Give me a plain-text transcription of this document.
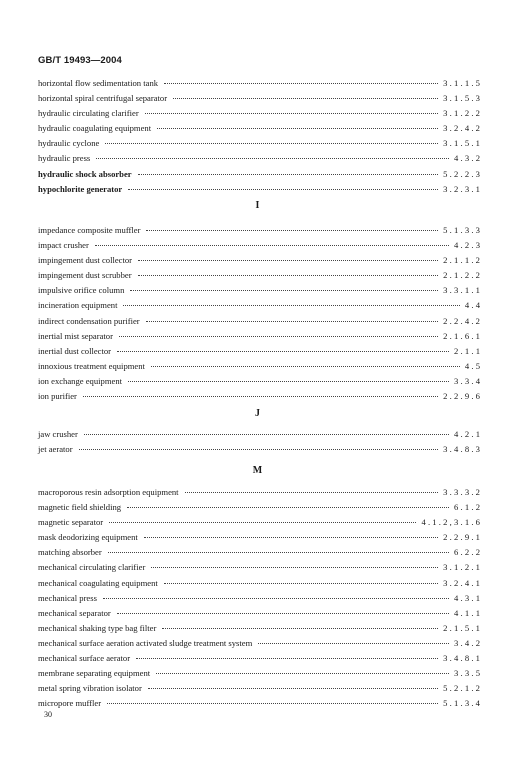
GB/T 19493—2004
horizontal flow sedimentation tank	3.1.1.5
horizontal spiral centrifugal separator	3.1.5.3
hydraulic circulating clarifier	3.1.2.2
hydraulic coagulating equipment	3.2.4.2
hydraulic cyclone	3.1.5.1
hydraulic press	4.3.2
hydraulic shock absorber	5.2.2.3
hypochlorite generator	3.2.3.1
I
impedance composite muffler	5.1.3.3
impact crusher	4.2.3
impingement dust collector	2.1.1.2
impingement dust scrubber	2.1.2.2
impulsive orifice column	3.3.1.1
incineration equipment	4.4
indirect condensation purifier	2.2.4.2
inertial mist separator	2.1.6.1
inertial dust collector	2.1.1
innoxious treatment equipment	4.5
ion exchange equipment	3.3.4
ion purifier	2.2.9.6
J
jaw crusher	4.2.1
jet aerator	3.4.8.3
M
macroporous resin adsorption equipment	3.3.3.2
magnetic field shielding	6.1.2
magnetic separator	4.1.2,3.1.6
mask deodorizing equipment	2.2.9.1
matching absorber	6.2.2
mechanical circulating clarifier	3.1.2.1
mechanical coagulating equipment	3.2.4.1
mechanical press	4.3.1
mechanical separator	4.1.1
mechanical shaking type bag filter	2.1.5.1
mechanical surface aeration activated sludge treatment system	3.4.2
mechanical surface aerator	3.4.8.1
membrane separating equipment	3.3.5
metal spring vibration isolator	5.2.1.2
micropore muffler	5.1.3.4
30
